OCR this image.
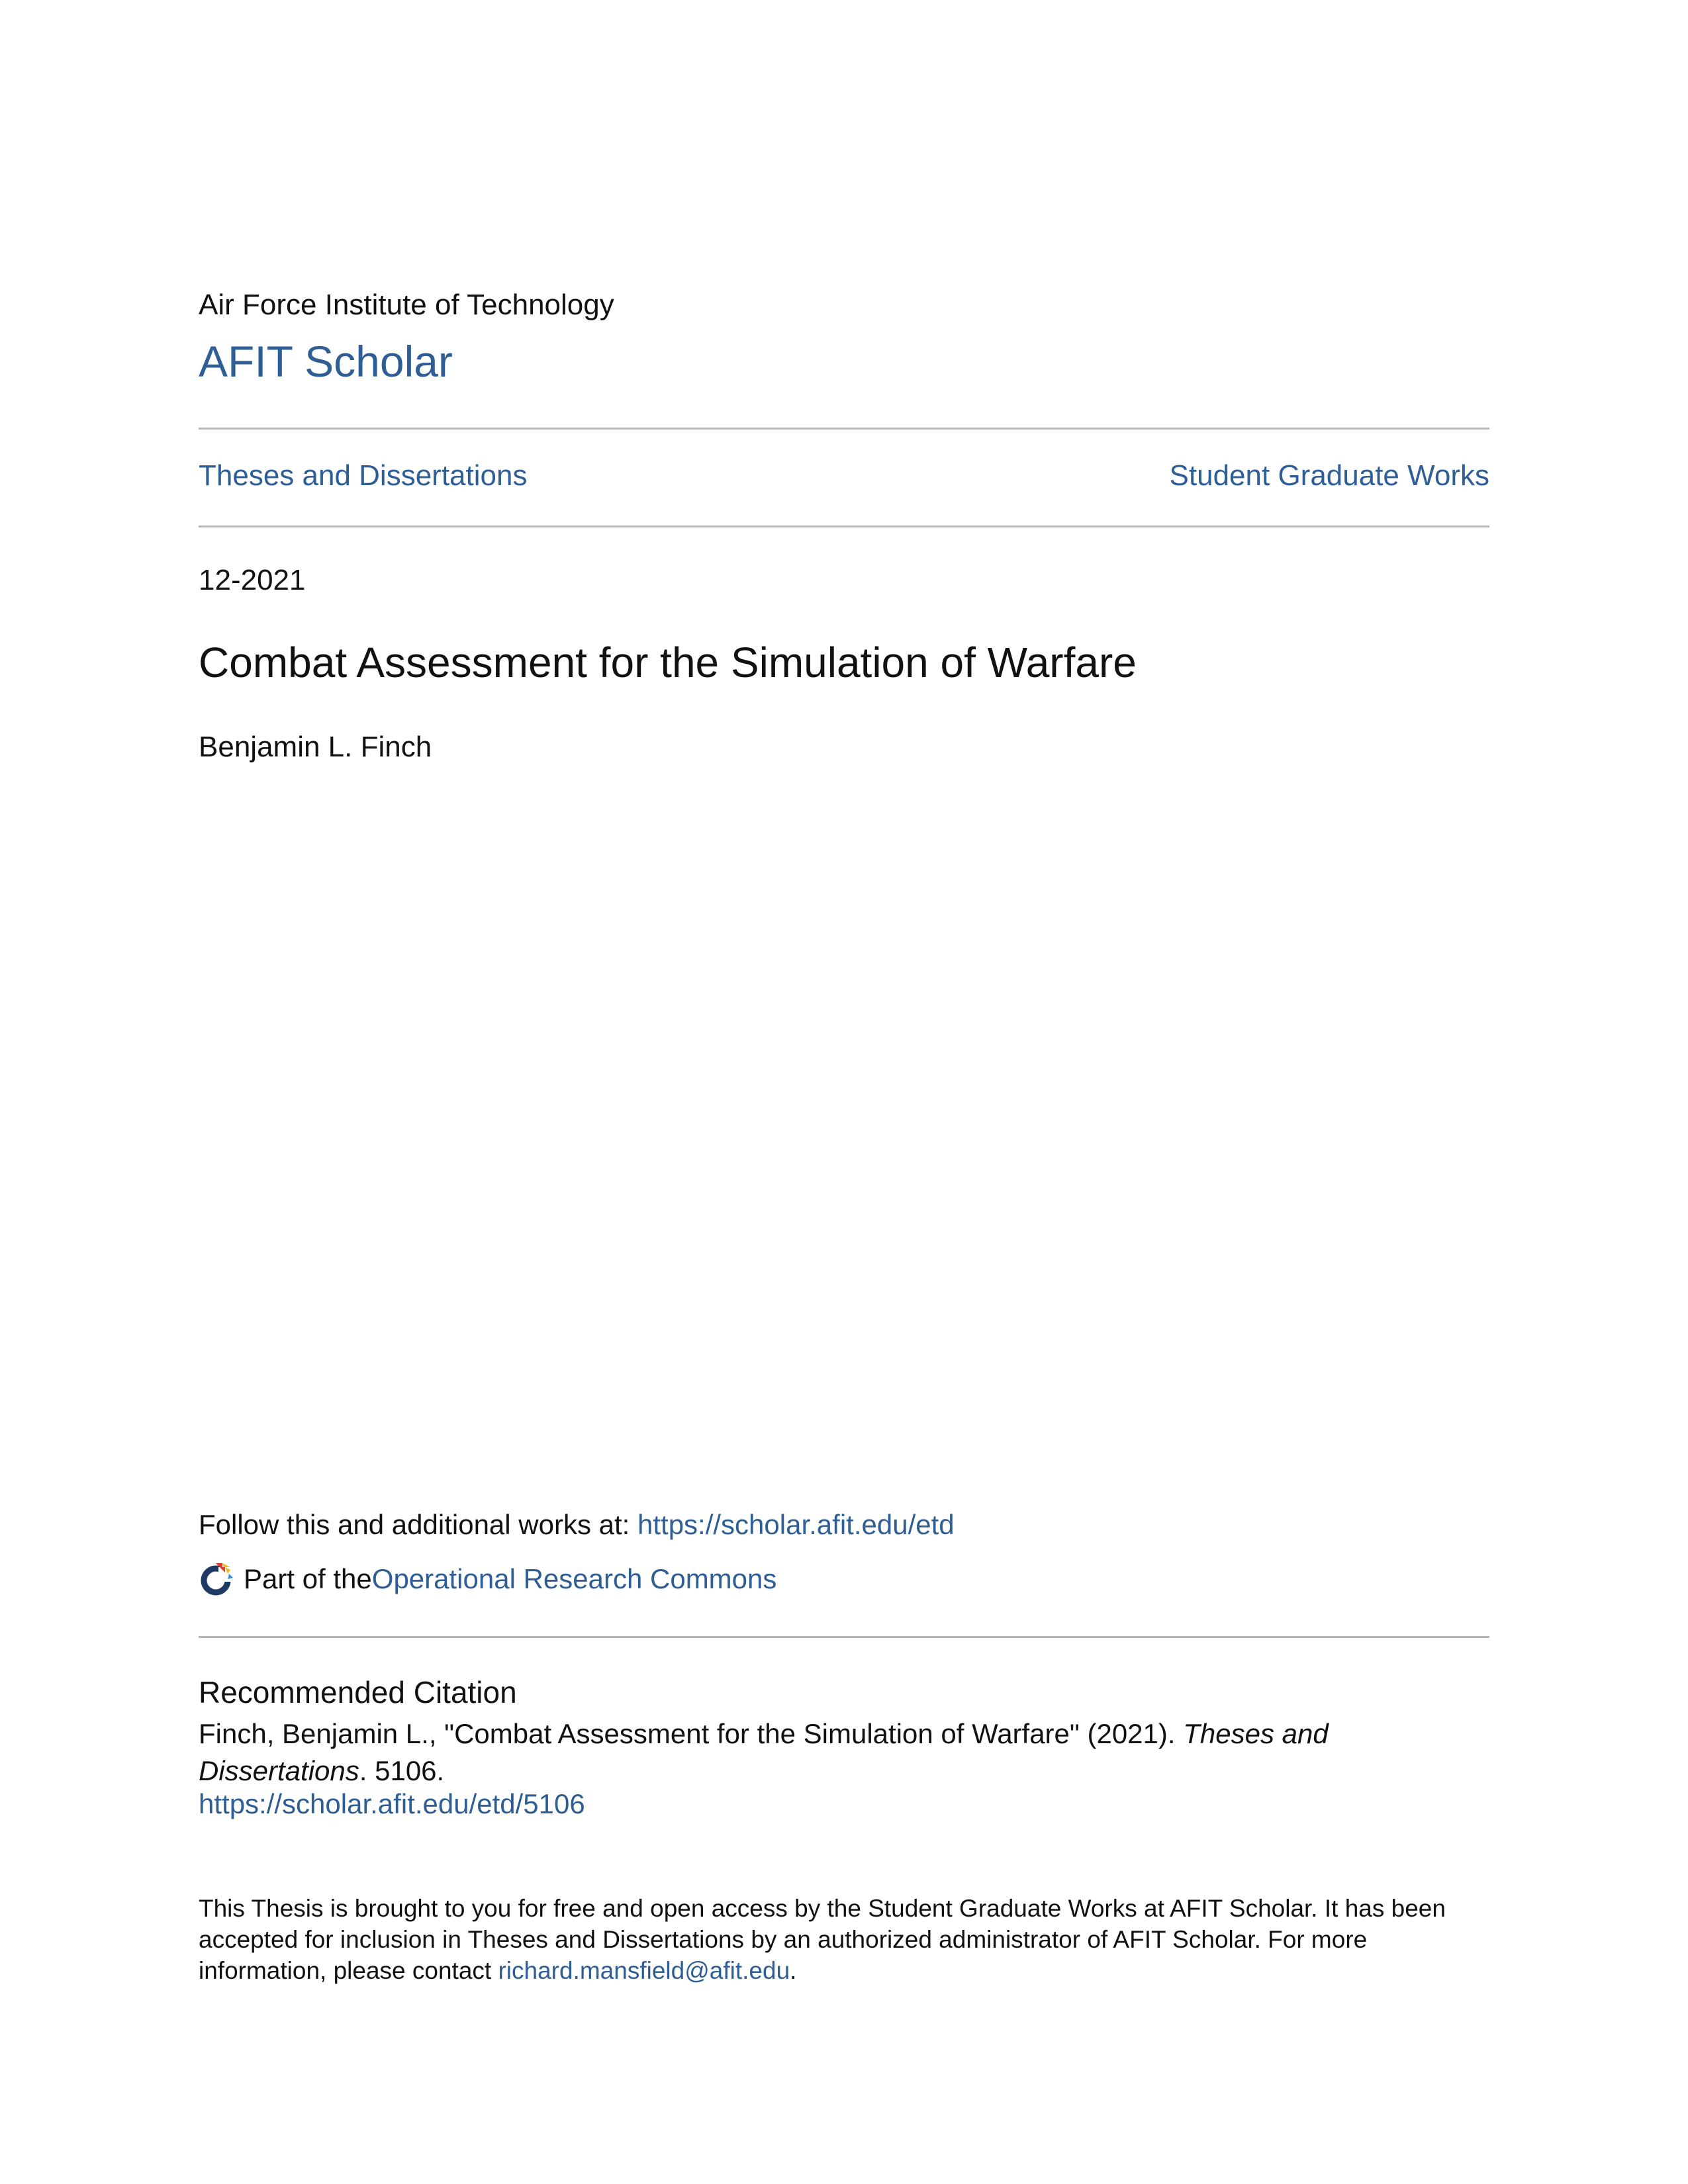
Air Force Institute of Technology
AFIT Scholar
Theses and Dissertations	Student Graduate Works
12-2021
Combat Assessment for the Simulation of Warfare
Benjamin L. Finch
Follow this and additional works at: https://scholar.afit.edu/etd
Part of the Operational Research Commons
Recommended Citation
Finch, Benjamin L., "Combat Assessment for the Simulation of Warfare" (2021). Theses and Dissertations. 5106.
https://scholar.afit.edu/etd/5106
This Thesis is brought to you for free and open access by the Student Graduate Works at AFIT Scholar. It has been accepted for inclusion in Theses and Dissertations by an authorized administrator of AFIT Scholar. For more information, please contact richard.mansfield@afit.edu.
